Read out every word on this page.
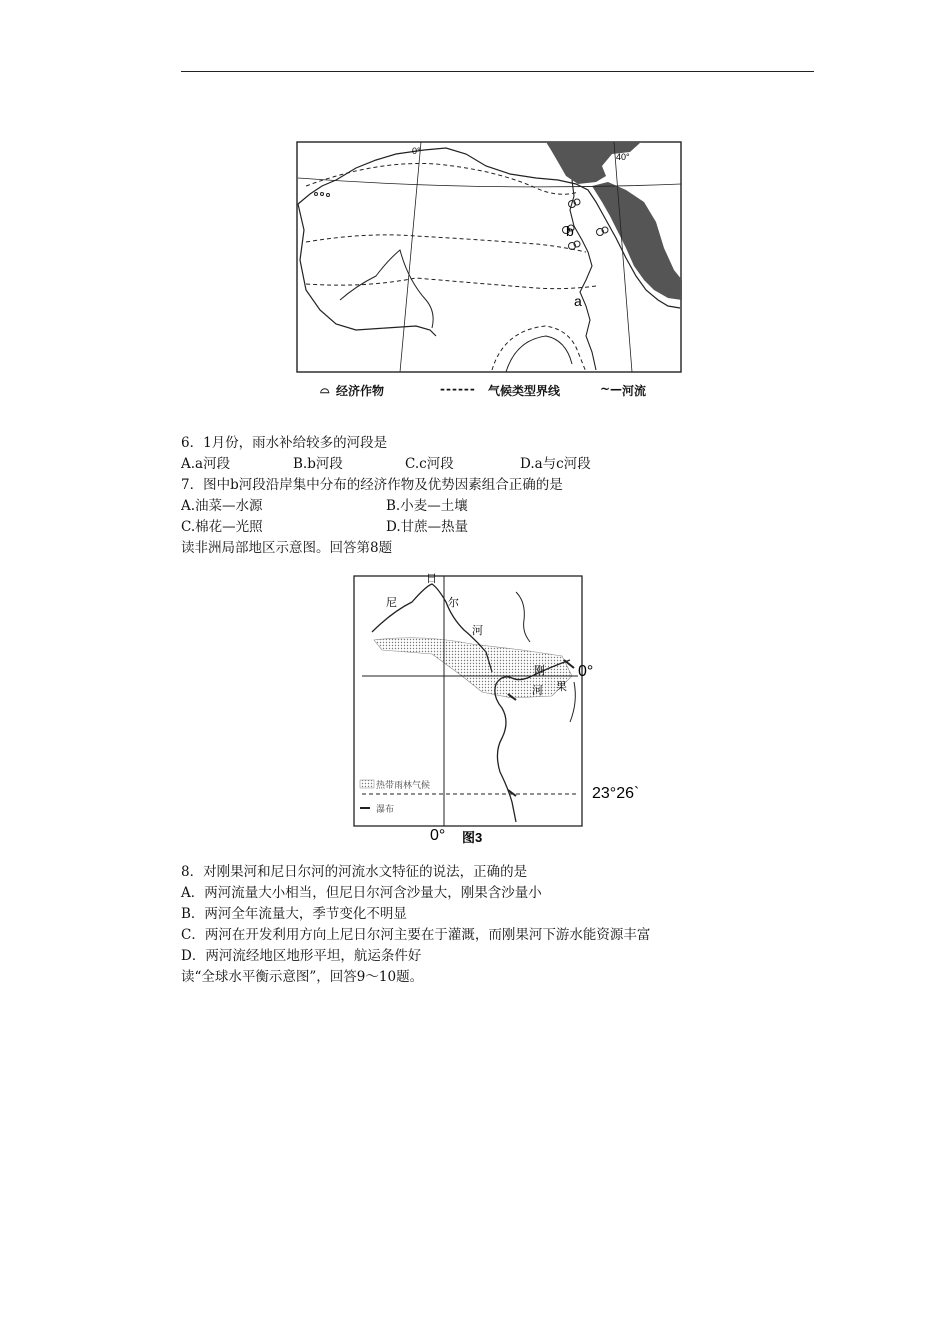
0°
40°
b
a
⌓ 经济作物	------ 气候类型界线	~— 河流
6．1月份，雨水补给较多的河段是
A.a河段	B.b河段	C.c河段	D.a与c河段
7．图中b河段沿岸集中分布的经济作物及优势因素组合正确的是
A.油菜—水源	B.小麦—土壤
C.棉花—光照	D.甘蔗—热量
读非洲局部地区示意图。回答第8题
日
尼	尔
河
刚
河 果
0°
23°26`
0°
热带雨林气候
瀑布
图3
8．对刚果河和尼日尔河的河流水文特征的说法，正确的是
A．两河流量大小相当，但尼日尔河含沙量大，刚果含沙量小
B．两河全年流量大，季节变化不明显
C．两河在开发利用方向上尼日尔河主要在于灌溉，而刚果河下游水能资源丰富
D．两河流经地区地形平坦，航运条件好
读“全球水平衡示意图”，回答9～10题。
